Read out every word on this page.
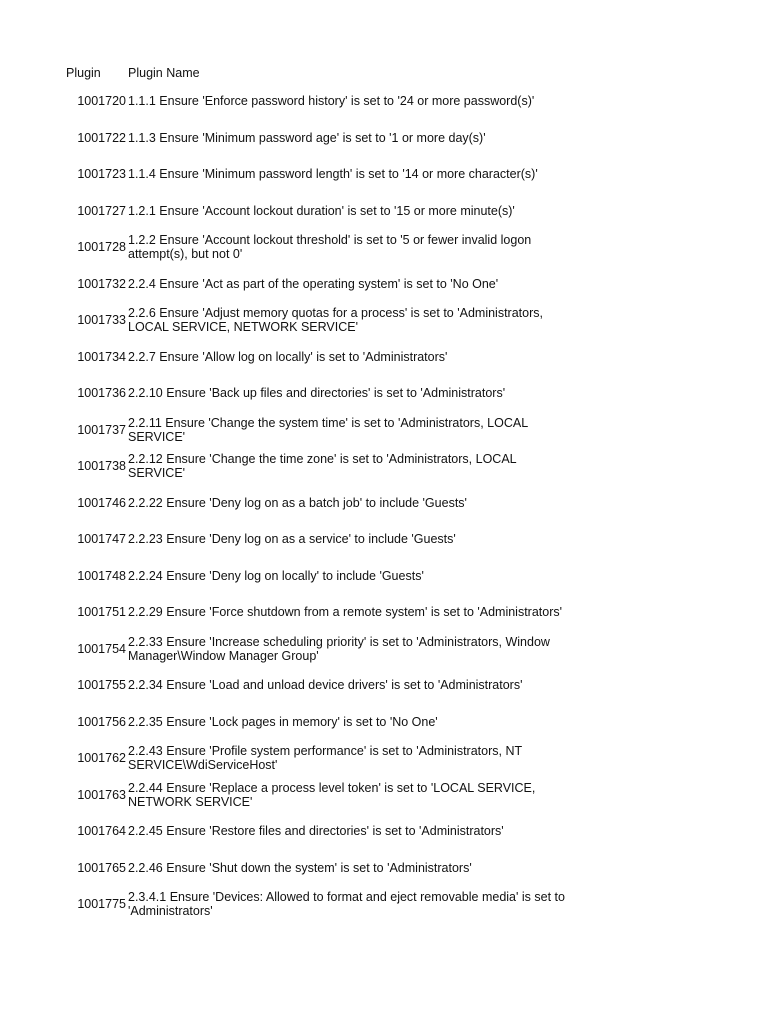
Plugin Plugin Name
1001720 1.1.1 Ensure 'Enforce password history' is set to '24 or more password(s)'
1001722 1.1.3 Ensure 'Minimum password age' is set to '1 or more day(s)'
1001723 1.1.4 Ensure 'Minimum password length' is set to '14 or more character(s)'
1001727 1.2.1 Ensure 'Account lockout duration' is set to '15 or more minute(s)'
1001728 1.2.2 Ensure 'Account lockout threshold' is set to '5 or fewer invalid logon attempt(s), but not 0'
1001732 2.2.4 Ensure 'Act as part of the operating system' is set to 'No One'
1001733 2.2.6 Ensure 'Adjust memory quotas for a process' is set to 'Administrators, LOCAL SERVICE, NETWORK SERVICE'
1001734 2.2.7 Ensure 'Allow log on locally' is set to 'Administrators'
1001736 2.2.10 Ensure 'Back up files and directories' is set to 'Administrators'
1001737 2.2.11 Ensure 'Change the system time' is set to 'Administrators, LOCAL SERVICE'
1001738 2.2.12 Ensure 'Change the time zone' is set to 'Administrators, LOCAL SERVICE'
1001746 2.2.22 Ensure 'Deny log on as a batch job' to include 'Guests'
1001747 2.2.23 Ensure 'Deny log on as a service' to include 'Guests'
1001748 2.2.24 Ensure 'Deny log on locally' to include 'Guests'
1001751 2.2.29 Ensure 'Force shutdown from a remote system' is set to 'Administrators'
1001754 2.2.33 Ensure 'Increase scheduling priority' is set to 'Administrators, Window Manager\Window Manager Group'
1001755 2.2.34 Ensure 'Load and unload device drivers' is set to 'Administrators'
1001756 2.2.35 Ensure 'Lock pages in memory' is set to 'No One'
1001762 2.2.43 Ensure 'Profile system performance' is set to 'Administrators, NT SERVICE\WdiServiceHost'
1001763 2.2.44 Ensure 'Replace a process level token' is set to 'LOCAL SERVICE, NETWORK SERVICE'
1001764 2.2.45 Ensure 'Restore files and directories' is set to 'Administrators'
1001765 2.2.46 Ensure 'Shut down the system' is set to 'Administrators'
1001775 2.3.4.1 Ensure 'Devices: Allowed to format and eject removable media' is set to 'Administrators'
